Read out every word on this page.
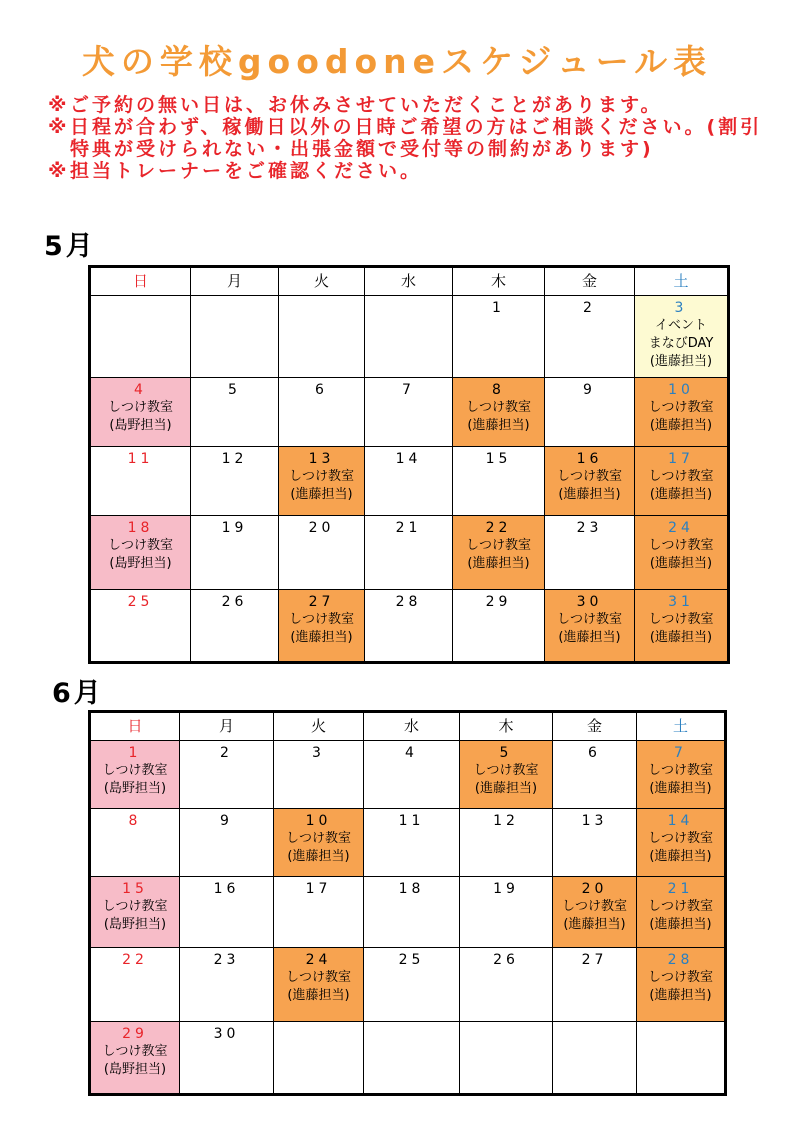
犬の学校goodoneスケジュール表
※ ご予約の無い日は、お休みさせていただくことがあります。
※ 日程が合わず、稼働日以外の日時ご希望の方はご相談ください。(割引特典が受けられない・出張金額で受付等の制約があります)
※ 担当トレーナーをご確認ください。
5月
日	月	火	水	木	金	土

				1	2	3
イベント
まなびDAY
(進藤担当)

4
しつけ教室
(島野担当)	5	6	7	8
しつけ教室
(進藤担当)	9	10
しつけ教室
(進藤担当)

11	12	13
しつけ教室
(進藤担当)	14	15	16
しつけ教室
(進藤担当)	17
しつけ教室
(進藤担当)

18
しつけ教室
(島野担当)	19	20	21	22
しつけ教室
(進藤担当)	23	24
しつけ教室
(進藤担当)

25	26	27
しつけ教室
(進藤担当)	28	29	30
しつけ教室
(進藤担当)	31
しつけ教室
(進藤担当)
6月
日	月	火	水	木	金	土

1
しつけ教室
(島野担当)	2	3	4	5
しつけ教室
(進藤担当)	6	7
しつけ教室
(進藤担当)

8	9	10
しつけ教室
(進藤担当)	11	12	13	14
しつけ教室
(進藤担当)

15
しつけ教室
(島野担当)	16	17	18	19	20
しつけ教室
(進藤担当)	21
しつけ教室
(進藤担当)

22	23	24
しつけ教室
(進藤担当)	25	26	27	28
しつけ教室
(進藤担当)

29
しつけ教室
(島野担当)	30					
